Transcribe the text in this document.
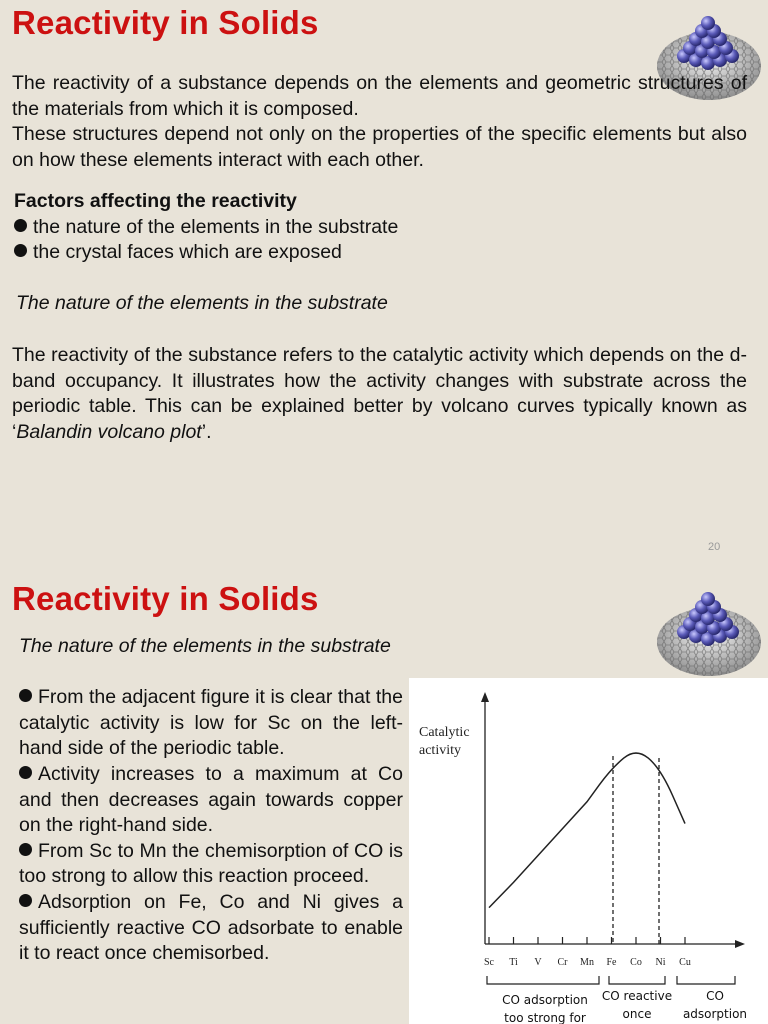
Reactivity in Solids

The reactivity of a substance depends on the elements and geometric structures of the materials from which it is composed.

These structures depend not only on the properties of the specific elements but also on how these elements interact with each other.

Factors affecting the reactivity

the nature of the elements in the substrate

the crystal faces which are exposed

The nature of the elements in the substrate

The reactivity of the substance refers to the catalytic activity which depends on the d-band occupancy. It illustrates how the activity changes with substrate across the periodic table. This can be explained better by volcano curves typically known as ‘Balandin volcano plot’.

20
Reactivity in Solids

The nature of the elements in the substrate

From the adjacent figure it is clear that the catalytic activity is low for Sc on the left-hand side of the periodic table.

Activity increases to a maximum at Co and then decreases again towards copper on the right-hand side.

From Sc to Mn the chemisorption of CO is too strong to allow this reaction proceed.

Adsorption on Fe, Co and Ni gives a sufficiently reactive CO adsorbate to enable it to react once chemisorbed.

Catalytic
activity
Sc Ti V Cr Mn Fe Co Ni Cu
CO adsorption
too strong for
CO reactive
once
CO
adsorption
